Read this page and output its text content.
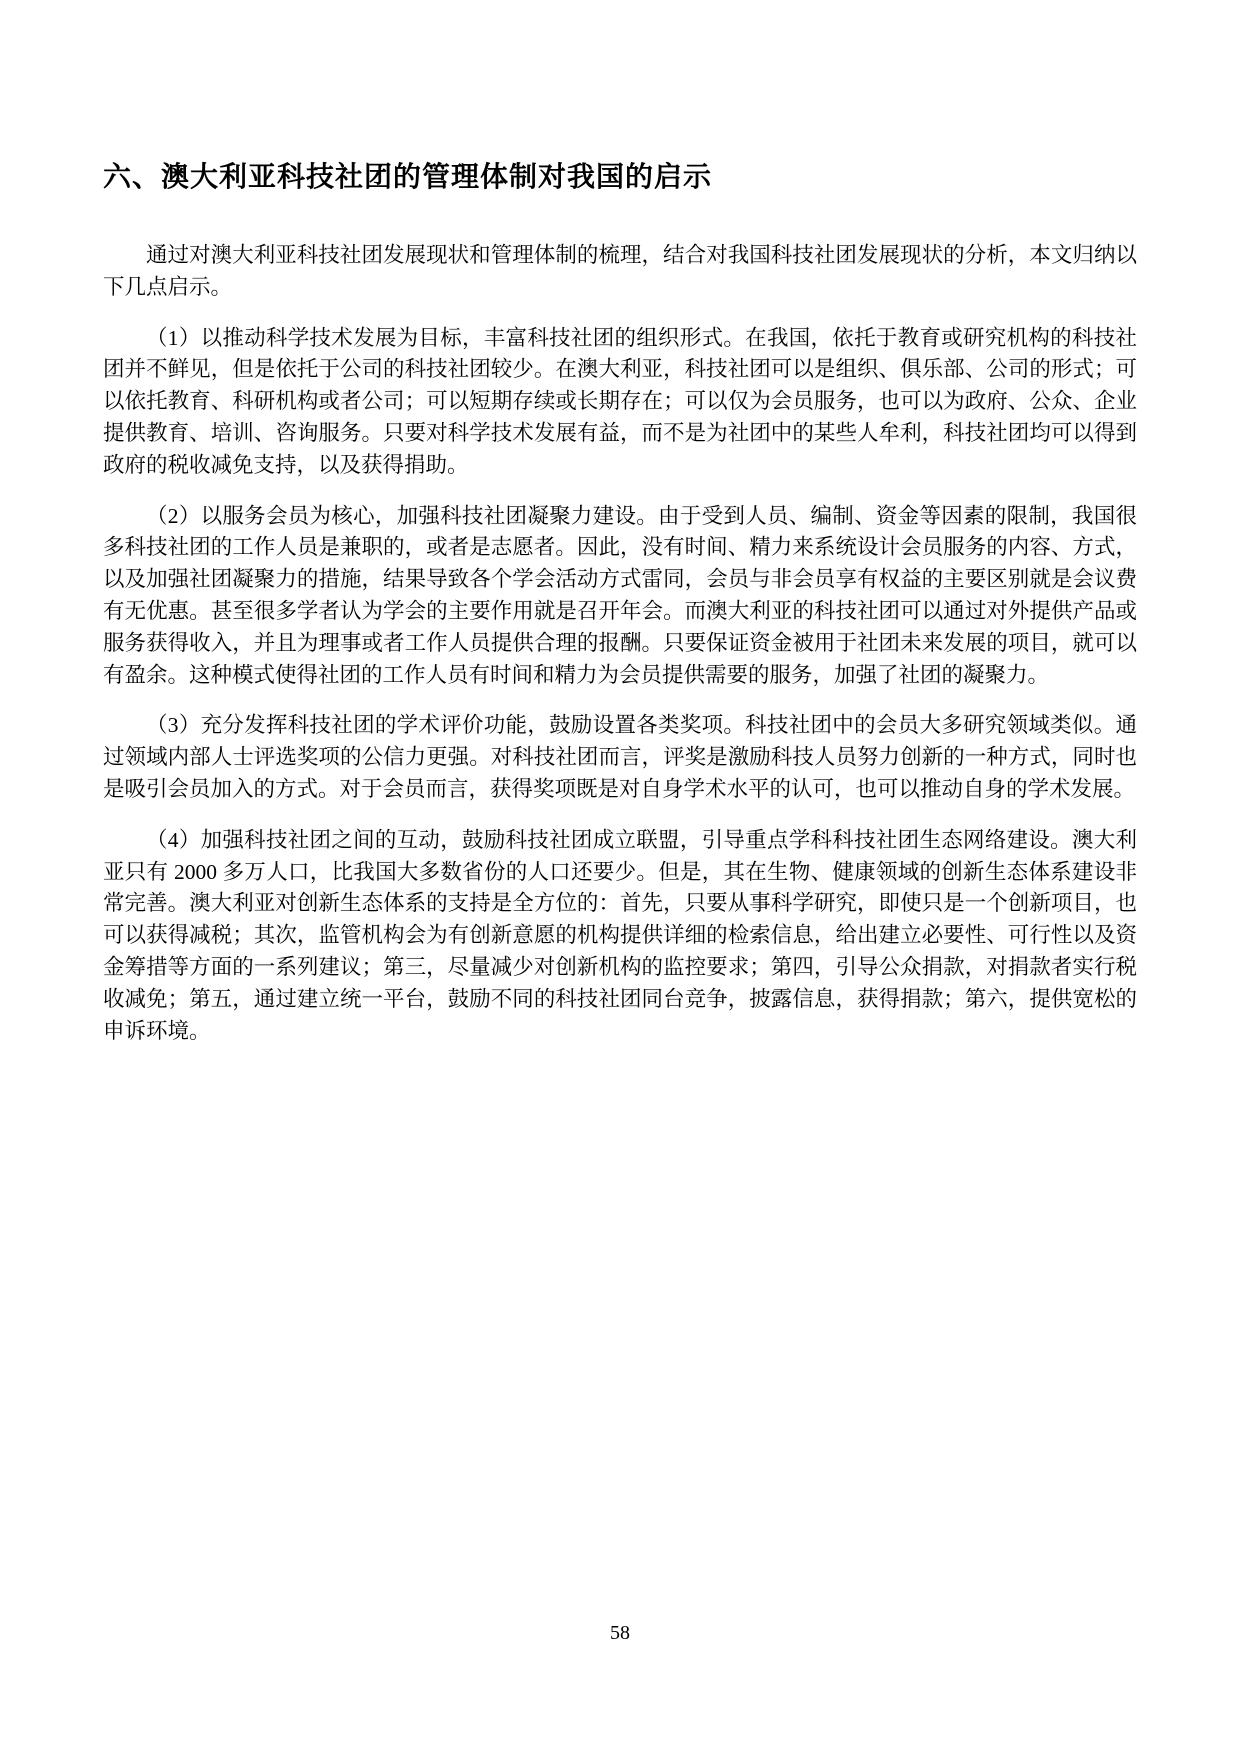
六、澳大利亚科技社团的管理体制对我国的启示

通过对澳大利亚科技社团发展现状和管理体制的梳理，结合对我国科技社团发展现状的分析，本文归纳以下几点启示。

（1）以推动科学技术发展为目标，丰富科技社团的组织形式。在我国，依托于教育或研究机构的科技社团并不鲜见，但是依托于公司的科技社团较少。在澳大利亚，科技社团可以是组织、俱乐部、公司的形式；可以依托教育、科研机构或者公司；可以短期存续或长期存在；可以仅为会员服务，也可以为政府、公众、企业提供教育、培训、咨询服务。只要对科学技术发展有益，而不是为社团中的某些人牟利，科技社团均可以得到政府的税收减免支持，以及获得捐助。

（2）以服务会员为核心，加强科技社团凝聚力建设。由于受到人员、编制、资金等因素的限制，我国很多科技社团的工作人员是兼职的，或者是志愿者。因此，没有时间、精力来系统设计会员服务的内容、方式，以及加强社团凝聚力的措施，结果导致各个学会活动方式雷同，会员与非会员享有权益的主要区别就是会议费有无优惠。甚至很多学者认为学会的主要作用就是召开年会。而澳大利亚的科技社团可以通过对外提供产品或服务获得收入，并且为理事或者工作人员提供合理的报酬。只要保证资金被用于社团未来发展的项目，就可以有盈余。这种模式使得社团的工作人员有时间和精力为会员提供需要的服务，加强了社团的凝聚力。

（3）充分发挥科技社团的学术评价功能，鼓励设置各类奖项。科技社团中的会员大多研究领域类似。通过领域内部人士评选奖项的公信力更强。对科技社团而言，评奖是激励科技人员努力创新的一种方式，同时也是吸引会员加入的方式。对于会员而言，获得奖项既是对自身学术水平的认可，也可以推动自身的学术发展。

（4）加强科技社团之间的互动，鼓励科技社团成立联盟，引导重点学科科技社团生态网络建设。澳大利亚只有 2000 多万人口，比我国大多数省份的人口还要少。但是，其在生物、健康领域的创新生态体系建设非常完善。澳大利亚对创新生态体系的支持是全方位的：首先，只要从事科学研究，即使只是一个创新项目，也可以获得减税；其次，监管机构会为有创新意愿的机构提供详细的检索信息，给出建立必要性、可行性以及资金筹措等方面的一系列建议；第三，尽量减少对创新机构的监控要求；第四，引导公众捐款，对捐款者实行税收减免；第五，通过建立统一平台，鼓励不同的科技社团同台竞争，披露信息，获得捐款；第六，提供宽松的申诉环境。

58
